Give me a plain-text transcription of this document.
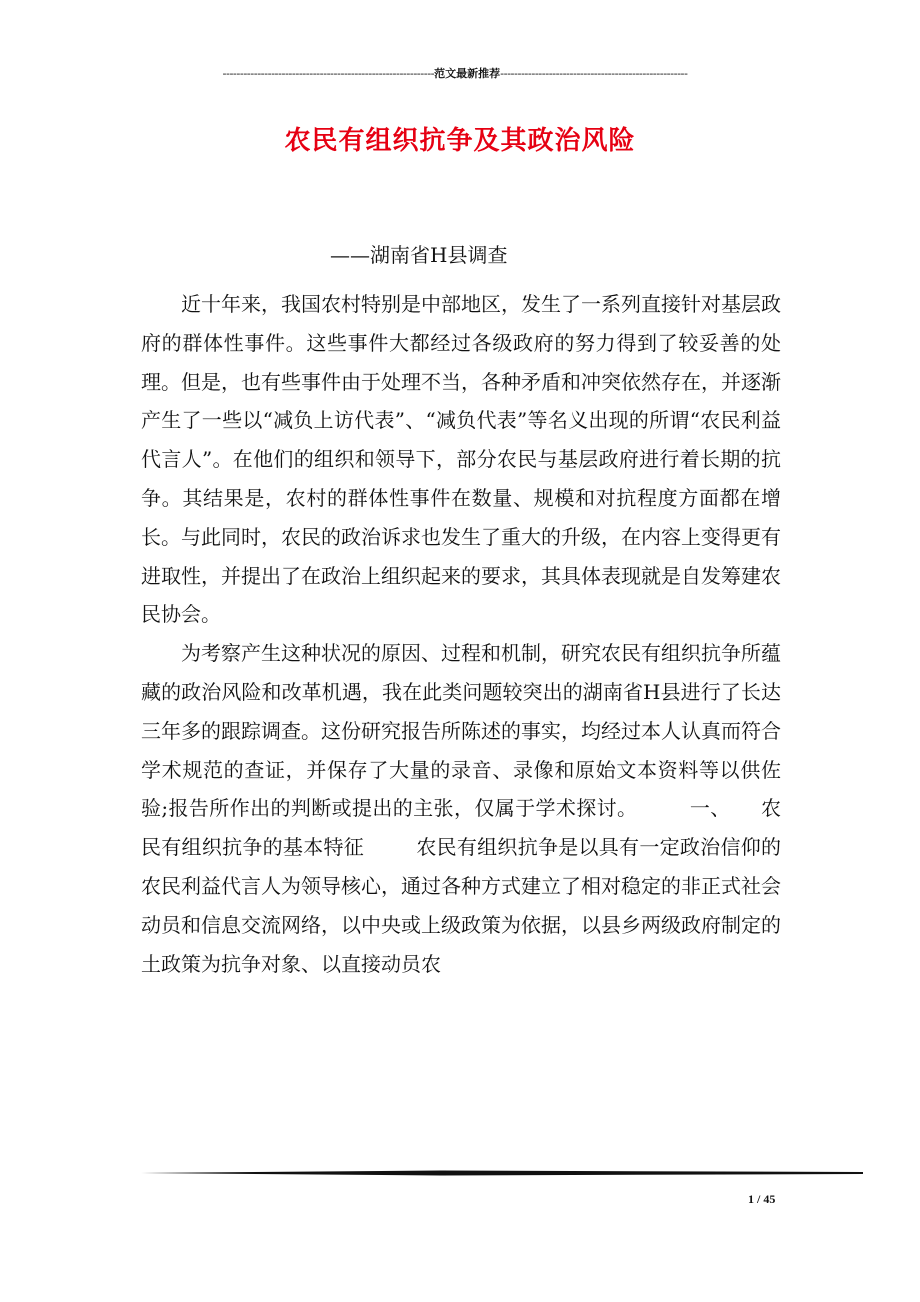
-------------------------------------------------------------范文最新推荐------------------------------------------------------
农民有组织抗争及其政治风险
——湖南省H县调查

近十年来，我国农村特别是中部地区，发生了一系列直接针对基层政府的群体性事件。这些事件大都经过各级政府的努力得到了较妥善的处理。但是，也有些事件由于处理不当，各种矛盾和冲突依然存在，并逐渐产生了一些以“减负上访代表”、“减负代表”等名义出现的所谓“农民利益代言人”。在他们的组织和领导下，部分农民与基层政府进行着长期的抗争。其结果是，农村的群体性事件在数量、规模和对抗程度方面都在增长。与此同时，农民的政治诉求也发生了重大的升级，在内容上变得更有进取性，并提出了在政治上组织起来的要求，其具体表现就是自发筹建农民协会。

为考察产生这种状况的原因、过程和机制，研究农民有组织抗争所蕴藏的政治风险和改革机遇，我在此类问题较突出的湖南省H县进行了长达三年多的跟踪调查。这份研究报告所陈述的事实，均经过本人认真而符合学术规范的查证，并保存了大量的录音、录像和原始文本资料等以供佐验;报告所作出的判断或提出的主张，仅属于学术探讨。	一、 农民有组织抗争的基本特征	农民有组织抗争是以具有一定政治信仰的农民利益代言人为领导核心，通过各种方式建立了相对稳定的非正式社会动员和信息交流网络，以中央或上级政策为依据，以县乡两级政府制定的土政策为抗争对象、以直接动员农

1 / 45
